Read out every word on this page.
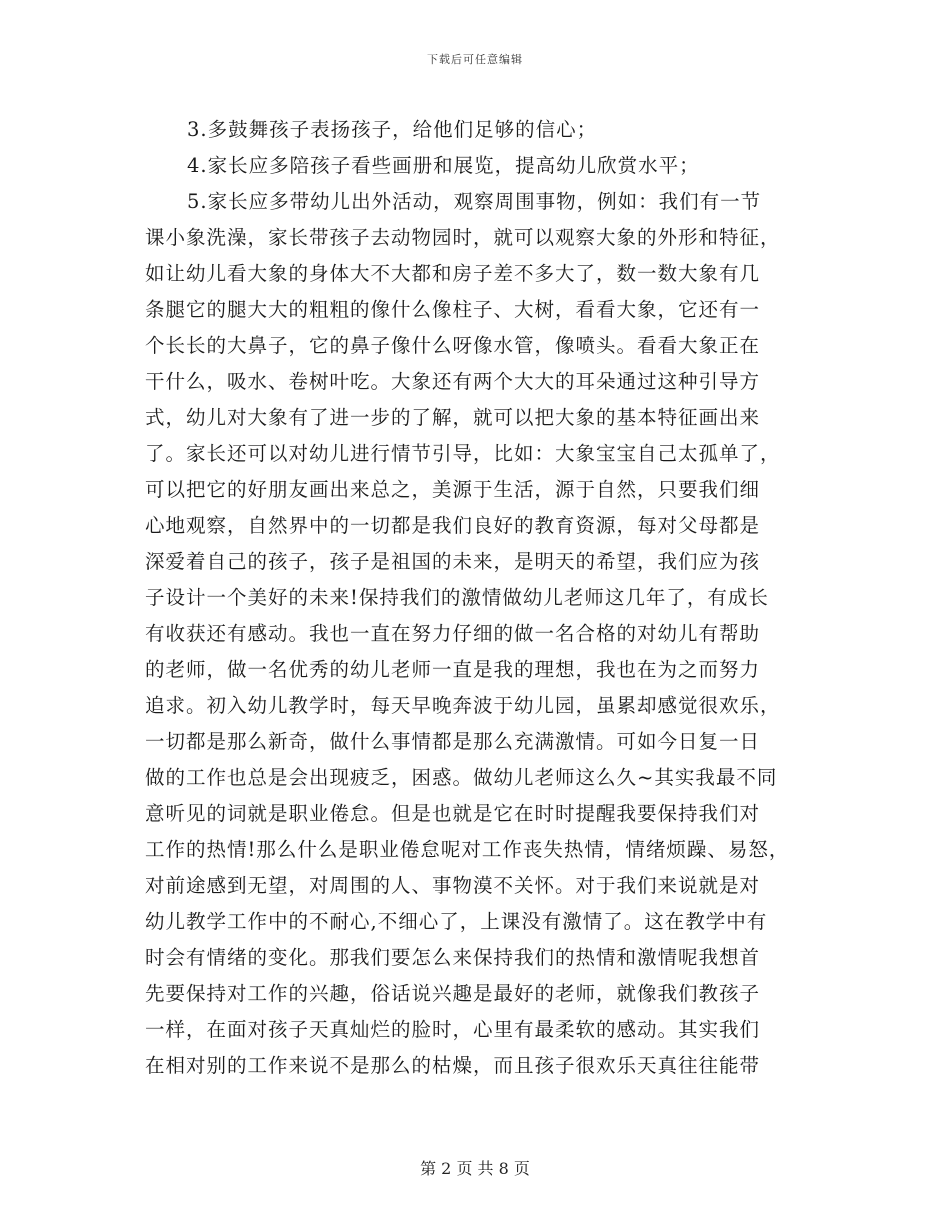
下载后可任意编辑
3.多鼓舞孩子表扬孩子，给他们足够的信心；
4.家长应多陪孩子看些画册和展览，提高幼儿欣赏水平；
5.家长应多带幼儿出外活动，观察周围事物，例如：我们有一节
课小象洗澡，家长带孩子去动物园时，就可以观察大象的外形和特征，
如让幼儿看大象的身体大不大都和房子差不多大了，数一数大象有几
条腿它的腿大大的粗粗的像什么像柱子、大树，看看大象，它还有一
个长长的大鼻子，它的鼻子像什么呀像水管，像喷头。看看大象正在
干什么，吸水、卷树叶吃。大象还有两个大大的耳朵通过这种引导方
式，幼儿对大象有了进一步的了解，就可以把大象的基本特征画出来
了。家长还可以对幼儿进行情节引导，比如：大象宝宝自己太孤单了，
可以把它的好朋友画出来总之，美源于生活，源于自然，只要我们细
心地观察，自然界中的一切都是我们良好的教育资源，每对父母都是
深爱着自己的孩子，孩子是祖国的未来，是明天的希望，我们应为孩
子设计一个美好的未来!保持我们的激情做幼儿老师这几年了，有成长
有收获还有感动。我也一直在努力仔细的做一名合格的对幼儿有帮助
的老师，做一名优秀的幼儿老师一直是我的理想，我也在为之而努力
追求。初入幼儿教学时，每天早晚奔波于幼儿园，虽累却感觉很欢乐，
一切都是那么新奇，做什么事情都是那么充满激情。可如今日复一日
做的工作也总是会出现疲乏，困惑。做幼儿老师这么久~其实我最不同
意听见的词就是职业倦怠。但是也就是它在时时提醒我要保持我们对
工作的热情!那么什么是职业倦怠呢对工作丧失热情，情绪烦躁、易怒，
对前途感到无望，对周围的人、事物漠不关怀。对于我们来说就是对
幼儿教学工作中的不耐心,不细心了，上课没有激情了。这在教学中有
时会有情绪的变化。那我们要怎么来保持我们的热情和激情呢我想首
先要保持对工作的兴趣，俗话说兴趣是最好的老师，就像我们教孩子
一样，在面对孩子天真灿烂的脸时，心里有最柔软的感动。其实我们
在相对别的工作来说不是那么的枯燥，而且孩子很欢乐天真往往能带
第 2 页 共 8 页
